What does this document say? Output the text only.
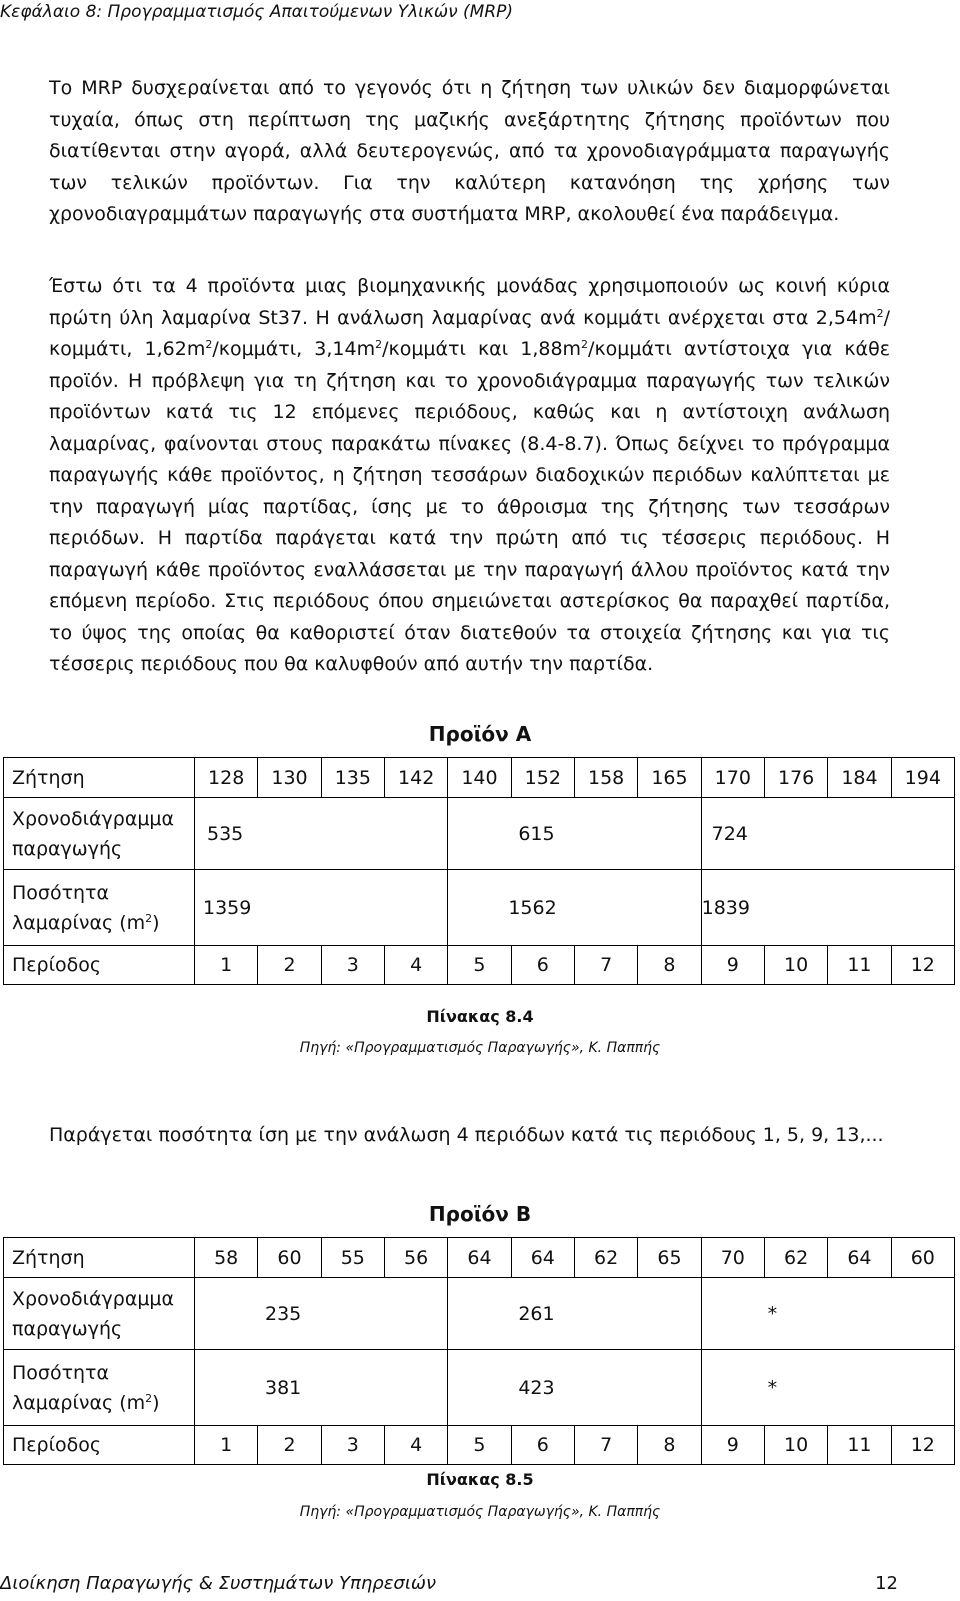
Κεφάλαιο 8: Προγραμματισμός Απαιτούμενων Υλικών (MRP)

Το MRP δυσχεραίνεται από το γεγονός ότι η ζήτηση των υλικών δεν διαμορφώνεται τυχαία, όπως στη περίπτωση της μαζικής ανεξάρτητης ζήτησης προϊόντων που διατίθενται στην αγορά, αλλά δευτερογενώς, από τα χρονοδιαγράμματα παραγωγής των τελικών προϊόντων. Για την καλύτερη κατανόηση της χρήσης των χρονοδιαγραμμάτων παραγωγής στα συστήματα MRP, ακολουθεί ένα παράδειγμα.

Έστω ότι τα 4 προϊόντα μιας βιομηχανικής μονάδας χρησιμοποιούν ως κοινή κύρια πρώτη ύλη λαμαρίνα St37. Η ανάλωση λαμαρίνας ανά κομμάτι ανέρχεται στα $2,54m^2$/κομμάτι, $1,62m^2$/κομμάτι, $3,14m^2$/κομμάτι και $1,88m^2$/κομμάτι αντίστοιχα για κάθε προϊόν. Η πρόβλεψη για τη ζήτηση και το χρονοδιάγραμμα παραγωγής των τελικών προϊόντων κατά τις 12 επόμενες περιόδους, καθώς και η αντίστοιχη ανάλωση λαμαρίνας, φαίνονται στους παρακάτω πίνακες (8.4-8.7). Όπως δείχνει το πρόγραμμα παραγωγής κάθε προϊόντος, η ζήτηση τεσσάρων διαδοχικών περιόδων καλύπτεται με την παραγωγή μίας παρτίδας, ίσης με το άθροισμα της ζήτησης των τεσσάρων περιόδων. Η παρτίδα παράγεται κατά την πρώτη από τις τέσσερις περιόδους. Η παραγωγή κάθε προϊόντος εναλλάσσεται με την παραγωγή άλλου προϊόντος κατά την επόμενη περίοδο. Στις περιόδους όπου σημειώνεται αστερίσκος θα παραχθεί παρτίδα, το ύψος της οποίας θα καθοριστεί όταν διατεθούν τα στοιχεία ζήτησης και για τις τέσσερις περιόδους που θα καλυφθούν από αυτήν την παρτίδα.

Προϊόν Α
Ζήτηση	128	130	135	142	140	152	158	165	170	176	184	194
Χρονοδιάγραμμα
παραγωγής	535				615				724			
Ποσότητα
λαμαρίνας $(m^2)$	1359				1562				1839			
Περίοδος	1	2	3	4	5	6	7	8	9	10	11	12
Πίνακας 8.4
Πηγή: «Προγραμματισμός Παραγωγής», Κ. Παππής

Παράγεται ποσότητα ίση με την ανάλωση 4 περιόδων κατά τις περιόδους 1, 5, 9, 13,...

Προϊόν Β
Ζήτηση	58	60	55	56	64	64	62	65	70	62	64	60
Χρονοδιάγραμμα
παραγωγής	235				261				*			
Ποσότητα
λαμαρίνας $(m^2)$	381				423				*			
Περίοδος	1	2	3	4	5	6	7	8	9	10	11	12
Πίνακας 8.5
Πηγή: «Προγραμματισμός Παραγωγής», Κ. Παππής
Διοίκηση Παραγωγής & Συστημάτων Υπηρεσιών	12
